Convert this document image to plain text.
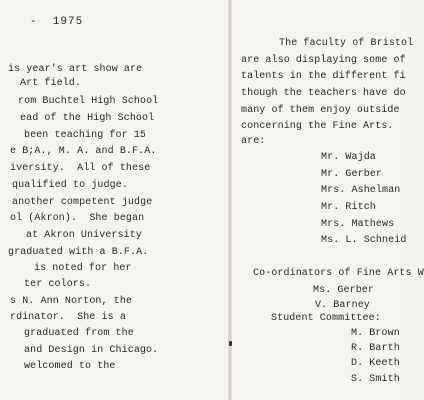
-  1975
is year's art show are
Art field.
rom Buchtel High School
ead of the High School
been teaching for 15
e B;A., M. A. and B.F.A.
iversity.  All of these
qualified to judge.
another competent judge
ol (Akron).  She began
at Akron University
graduated with a B.F.A.
is noted for her
ter colors.
s N. Ann Norton, the
rdinator.  She is a
graduated from the
and Design in Chicago.
welcomed to the
The faculty of Bristol
are also displaying some of
talents in the different fi
though the teachers have do
many of them enjoy outside
concerning the Fine Arts.
are:
Mr. Wajda
Mr. Gerber
Mrs. Ashelman
Mr. Ritch
Mrs. Mathews
Ms. L. Schneid
Co-ordinators of Fine Arts W
Ms. Gerber
V. Barney
Student Committee:
M. Brown
R. Barth
D. Keeth
S. Smith
